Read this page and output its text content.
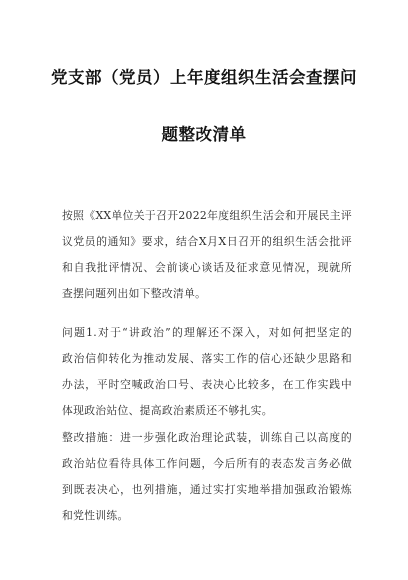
党支部（党员）上年度组织生活会查摆问
题整改清单
按照《XX单位关于召开2022年度组织生活会和开展民主评
议党员的通知》要求，结合X月X日召开的组织生活会批评
和自我批评情况、会前谈心谈话及征求意见情况，现就所
查摆问题列出如下整改清单。
问题1.对于“讲政治”的理解还不深入，对如何把坚定的
政治信仰转化为推动发展、落实工作的信心还缺少思路和
办法，平时空喊政治口号、表决心比较多，在工作实践中
体现政治站位、提高政治素质还不够扎实。
整改措施：进一步强化政治理论武装，训练自己以高度的
政治站位看待具体工作问题，今后所有的表态发言务必做
到既表决心，也列措施，通过实打实地举措加强政治锻炼
和党性训练。
